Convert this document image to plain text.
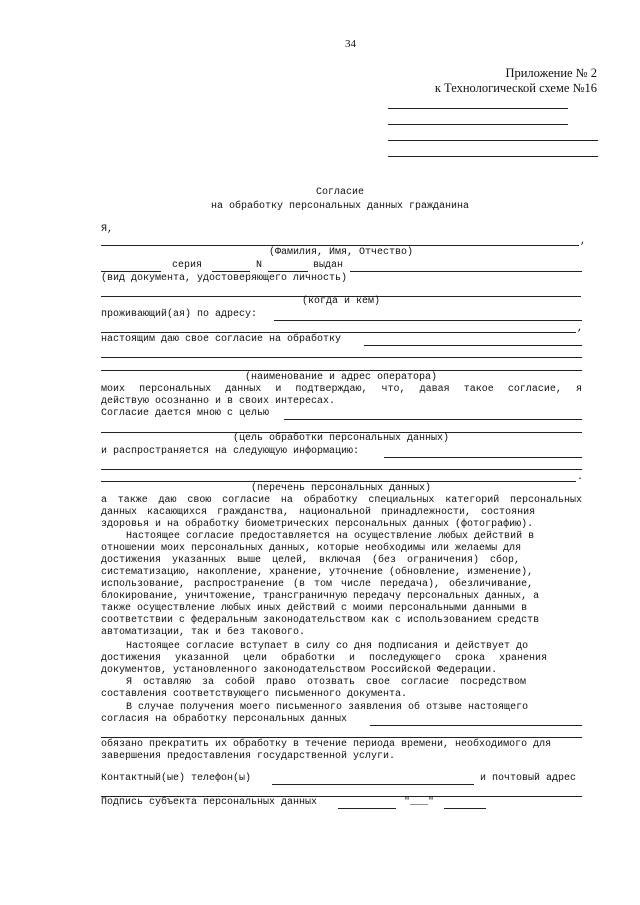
34
Приложение № 2
к Технологической схеме №16
Согласие
на обработку персональных данных гражданина
Я,
,
(Фамилия, Имя, Отчество)
серия	N	выдан
(вид документа, удостоверяющего личность)
(когда и кем)
проживающий(ая) по адресу:
,
настоящим даю свое согласие на обработку
(наименование и адрес оператора)
моих персональных данных и подтверждаю, что, давая такое согласие, я
действую осознанно и в своих интересах.
Согласие дается мною с целью
(цель обработки персональных данных)
и распространяется на следующую информацию:
.
(перечень персональных данных)
а также даю свою согласие на обработку специальных категорий персональных
данных касающихся гражданства, национальной принадлежности, состояния
здоровья и на обработку биометрических персональных данных (фотографию).
Настоящее согласие предоставляется на осуществление любых действий в
отношении моих персональных данных, которые необходимы или желаемы для
достижения указанных выше целей, включая (без ограничения) сбор,
систематизацию, накопление, хранение, уточнение (обновление, изменение),
использование, распространение (в том числе передача), обезличивание,
блокирование, уничтожение, трансграничную передачу персональных данных, а
также осуществление любых иных действий с моими персональными данными в
соответствии с федеральным законодательством как с использованием средств
автоматизации, так и без такового.
Настоящее согласие вступает в силу со дня подписания и действует до
достижения указанной цели обработки и последующего срока хранения
документов, установленного законодательством Российской Федерации.
Я оставляю за собой право отозвать свое согласие посредством
составления соответствующего письменного документа.
В случае получения моего письменного заявления об отзыве настоящего
согласия на обработку персональных данных
обязано прекратить их обработку в течение периода времени, необходимого для
завершения предоставления государственной услуги.
Контактный(ые) телефон(ы)	и почтовый адрес
Подпись субъекта персональных данных	"___"
